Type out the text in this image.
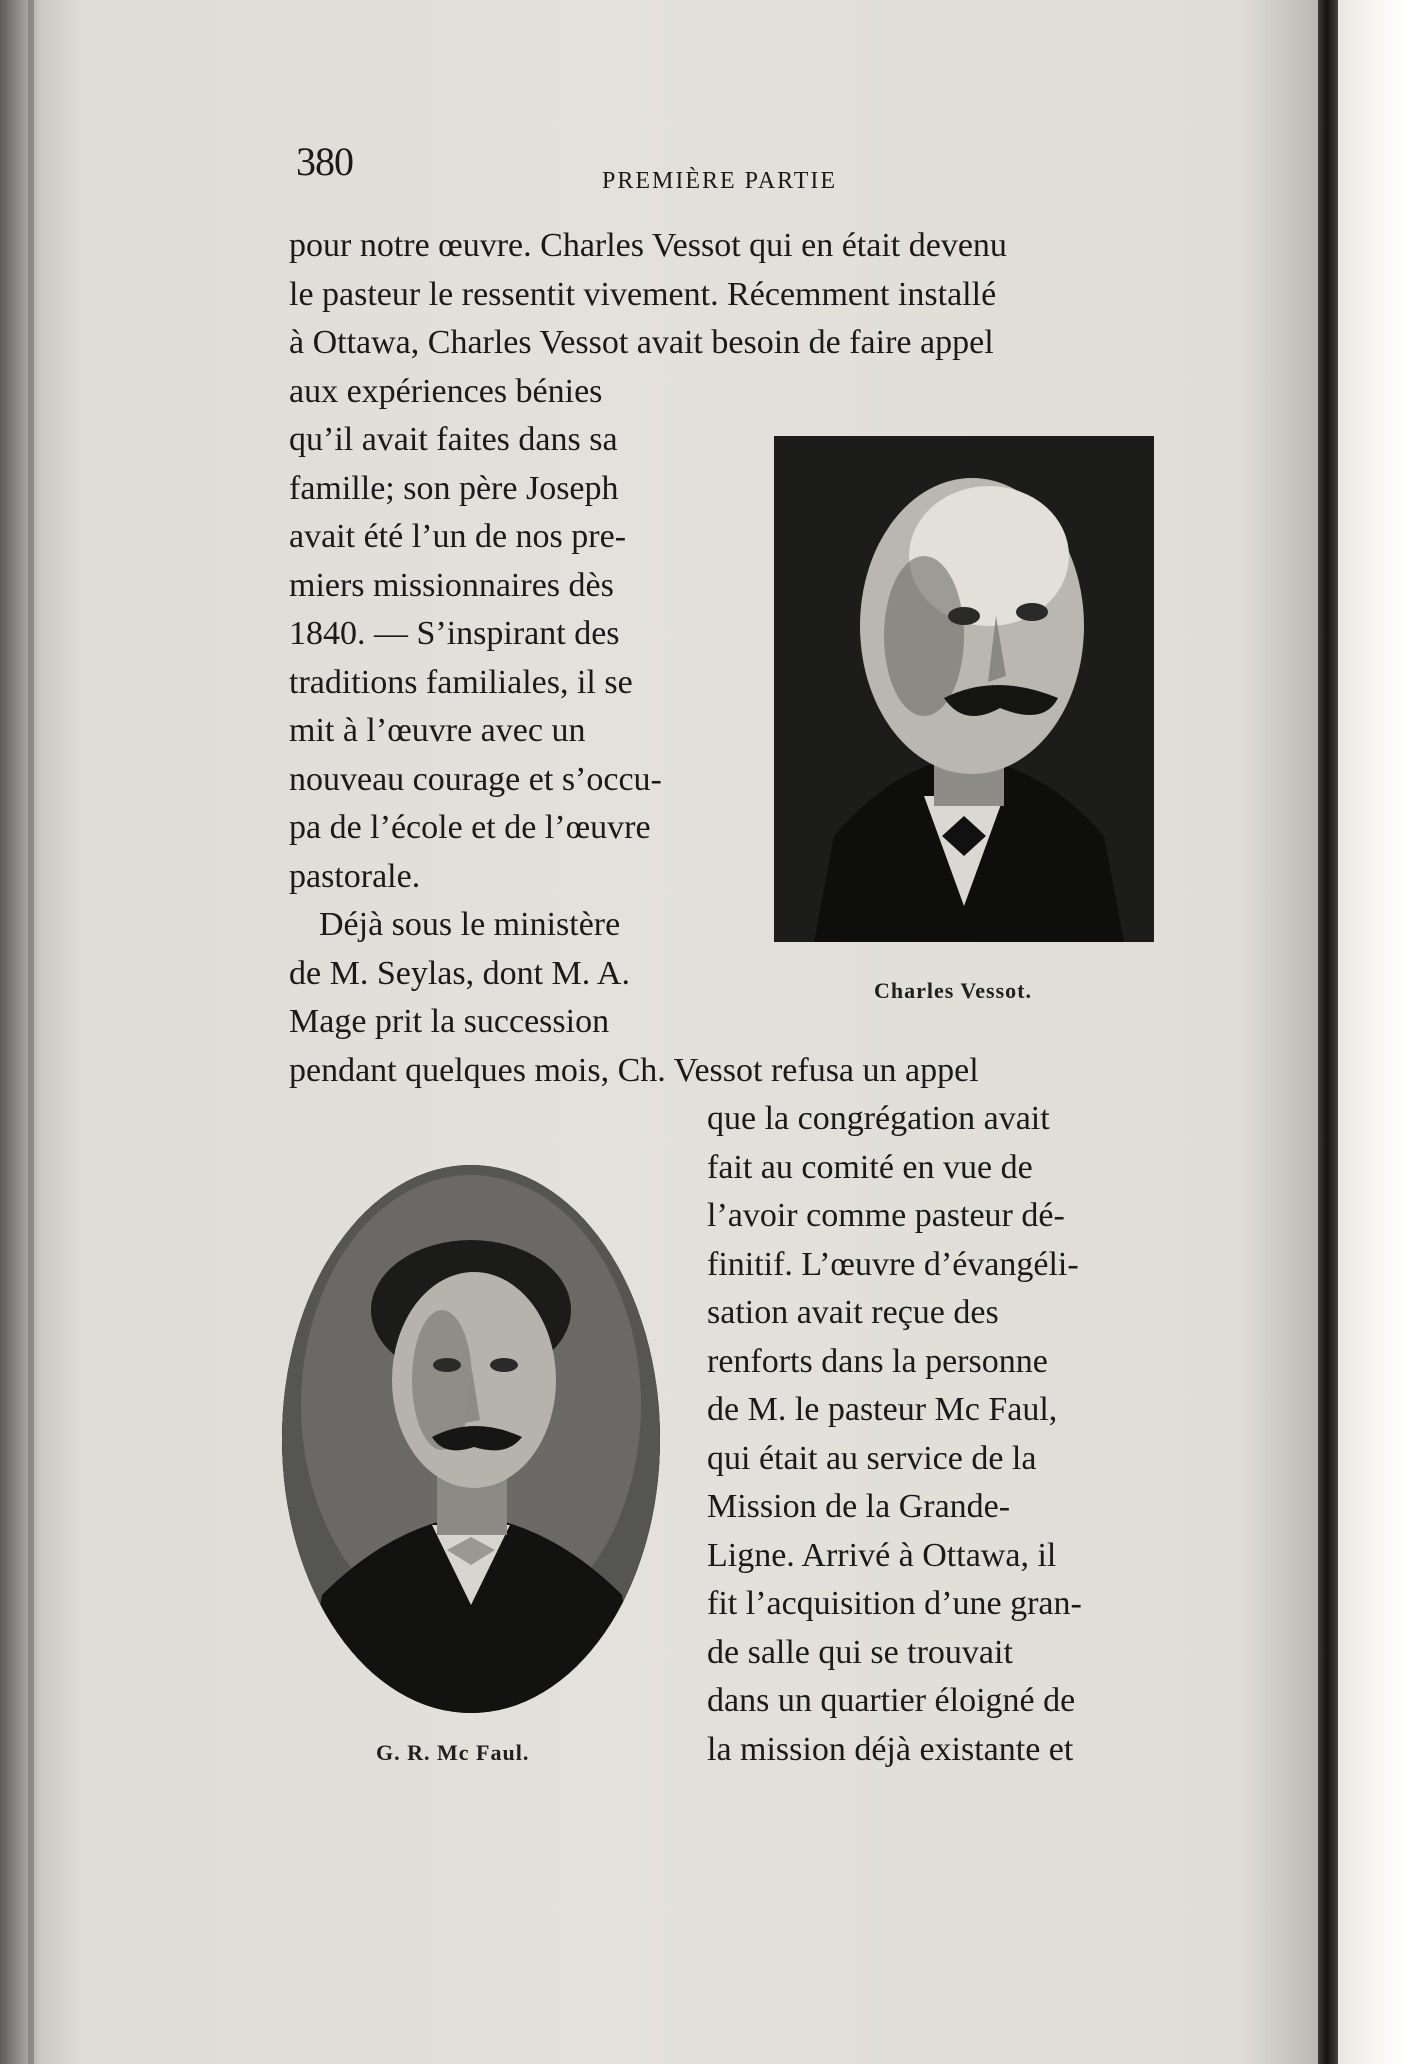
380	PREMIÈRE PARTIE
Charles Vessot.
G. R. Mc Faul.
pour notre œuvre. Charles Vessot qui en était devenu
le pasteur le ressentit vivement. Récemment installé
à Ottawa, Charles Vessot avait besoin de faire appel
aux expériences bénies
qu’il avait faites dans sa
famille; son père Joseph
avait été l’un de nos pre-
miers missionnaires dès
1840. — S’inspirant des
traditions familiales, il se
mit à l’œuvre avec un
nouveau courage et s’occu-
pa de l’école et de l’œuvre
pastorale.
Déjà sous le ministère
de M. Seylas, dont M. A.
Mage prit la succession
pendant quelques mois, Ch. Vessot refusa un appel
que la congrégation avait
fait au comité en vue de
l’avoir comme pasteur dé-
finitif. L’œuvre d’évangéli-
sation avait reçue des
renforts dans la personne
de M. le pasteur Mc Faul,
qui était au service de la
Mission de la Grande-
Ligne. Arrivé à Ottawa, il
fit l’acquisition d’une gran-
de salle qui se trouvait
dans un quartier éloigné de
la mission déjà existante et
